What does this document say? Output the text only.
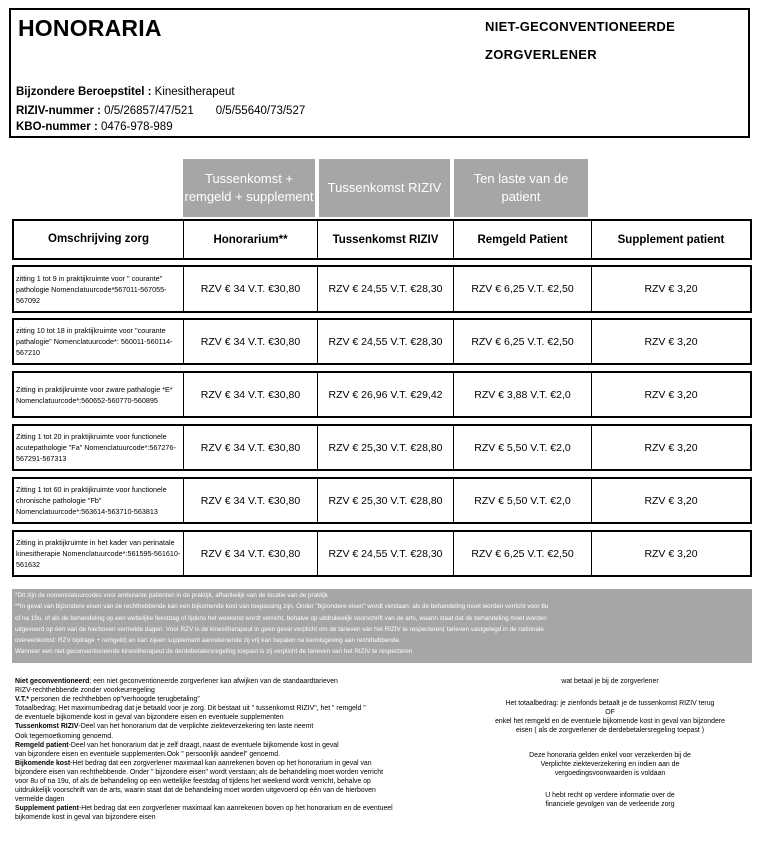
HONORARIA	NIET-GECONVENTIONEERDE
ZORGVERLENER
Bijzondere Beroepstitel : Kinesitherapeut
RIZIV-nummer : 0/5/26857/47/521 0/5/55640/73/527
KBO-nummer : 0476-978-989
Tussenkomst + remgeld + supplement
Tussenkomst RIZIV
Ten laste van de patient
Omschrijving zorg	Honorarium**	Tussenkomst RIZIV	Remgeld Patient	Supplement patient
zitting 1 tot 9 in praktijkruimte voor " courante" pathologie Nomenclatuurcode*567011-567055-567092
RZV € 34 V.T. €30,80	RZV € 24,55 V.T. €28,30	RZV € 6,25 V.T. €2,50	RZV € 3,20
zitting 10 tot 18 in praktijkruimte voor "courante pathalogie" Nomenclatuurcode*: 560011-560114-567210
RZV € 34 V.T. €30,80	RZV € 24,55 V.T. €28,30	RZV € 6,25 V.T. €2,50	RZV € 3,20
Zitting in praktijkruimte voor zware pathalogie *E* Nomenclatuurcode*:560652-560770-560895	RZV € 34 V.T. €30,80	RZV € 26,96 V.T. €29,42	RZV € 3,88 V.T. €2,0	RZV € 3,20
Zitting 1 tot 20 in praktijkruimte voor functionele acutepathologie "Fa" Nomenclatuurcode*:567276-567291-567313
RZV € 34 V.T. €30,80	RZV € 25,30 V.T. €28,80	RZV € 5,50 V.T. €2,0	RZV € 3,20
Zitting 1 tot 60 in praktijkruimte voor functionele chronische pathologie "Fb" Nomenclatuurcode*:563614-563710-563813
RZV € 34 V.T. €30,80	RZV € 25,30 V.T. €28,80	RZV € 5,50 V.T. €2,0	RZV € 3,20
Zitting in praktijkruimte in het kader van perinatale kinesitherapie Nomenclatuurcode*:561595-561610-561632
RZV € 34 V.T. €30,80	RZV € 24,55 V.T. €28,30	RZV € 6,25 V.T. €2,50	RZV € 3,20
*Dit zijn de nomenclatuurcodes voor ambulante patienten in de praktijk, afhankelijk van de locatie van de praktijk
**In geval van bijzondere eisen van de rechthebbende kan een bijkomende kost van toepassing zijn. Onder "bijzondere eisen" wordt verstaan: als de behandeling moet worden verricht voor 8u
of na 19u, of als de behandeling op een wettelijke feestdag of tijdens het weekend wordt verricht, behalve op uitdrukkelijk voorschrift van de arts, waarin staat dat de behandeling moet worden
uitgevoerd op één van de hierboven vermelde dagen. Voor RZV is de kinesitherapeut in geen geval verplicht om de tarieven van het RIZIV te respecteren( tarieven vastgelegd in de nationale
overeenkomst: RZV bijdrage + remgeld) en kan zijeen supplement aanrekenende zij vrij kan bepalen na kennisgeving aan rechthebbende.
Wanneer een niet geconventioneerde kinesitherapeut de derdebetalersregeling toepast is zij verplicht de tarieven van het RIZIV te respecteren
Niet geconventioneerd: een niet geconventioneerde zorgverlener kan afwijken van de standaardtarieven
RIZV-rechthebbende zonder voorkeurregeling
V.T.* personen die rechthebben op"verhoogde terugbetaling"
Totaalbedrag: Het maximumbedrag dat je betaald voor je zorg. Dit bestaat uit " tussenkomst RIZIV", het " remgeld "
de eventuele bijkomende kost in geval van bijzondere eisen en eventuele supplementen
Tussenkomst RIZIV-Deel van het honorarium dat de verplichte ziekteverzekering ten laste neemt
Ook tegemoetkoming genoemd.
Remgeld patient-Deel van het honorarium dat je zelf draagt, naast de eventuele bijkomende kost in geval
van bijzondere eisen en eventuele supplementen.Ook " persoonlijk aandeel" genoemd.
Bijkomende kost-Het bedrag dat een zorgverlener maximaal kan aanrekenen boven op het honorarium in geval van
bijzondere eisen van rechthebbende. Onder " bijzondere eisen" wordt verstaan; als de behandeling moet worden verricht
voor 8u of na 19u, of als de behandeling op een wettelijke feestdag of tijdens het weekend wordt verricht, behalve op
uitdrukkelijk voorschrift van de arts, waarin staat dat de behandeling moet worden uitgevoerd op één van de hierboven
vermelde dagen
Supplement patient-Het bedrag dat een zorgverlener maximaal kan aanrekenen boven op het honorarium en de eventueel
bijkomende kost in geval van bijzondere eisen
wat betaal je bij de zorgverlener
Het totaalbedrag: je zienfonds betaalt je de tussenkomst RIZIV terug
OF
enkel het remgeld en de eventuele bijkomende kost in geval van bijzondere
eisen ( als de zorgverlener de derdebetalersregeling toepast )
Deze honoraria gelden enkel voor verzekerden bij de
Verplichte ziekteverzekering en indien aan de
vergoedingsvoorwaarden is voldaan
U hebt recht op verdere informatie over de
financiele gevolgen van de verleende zorg
